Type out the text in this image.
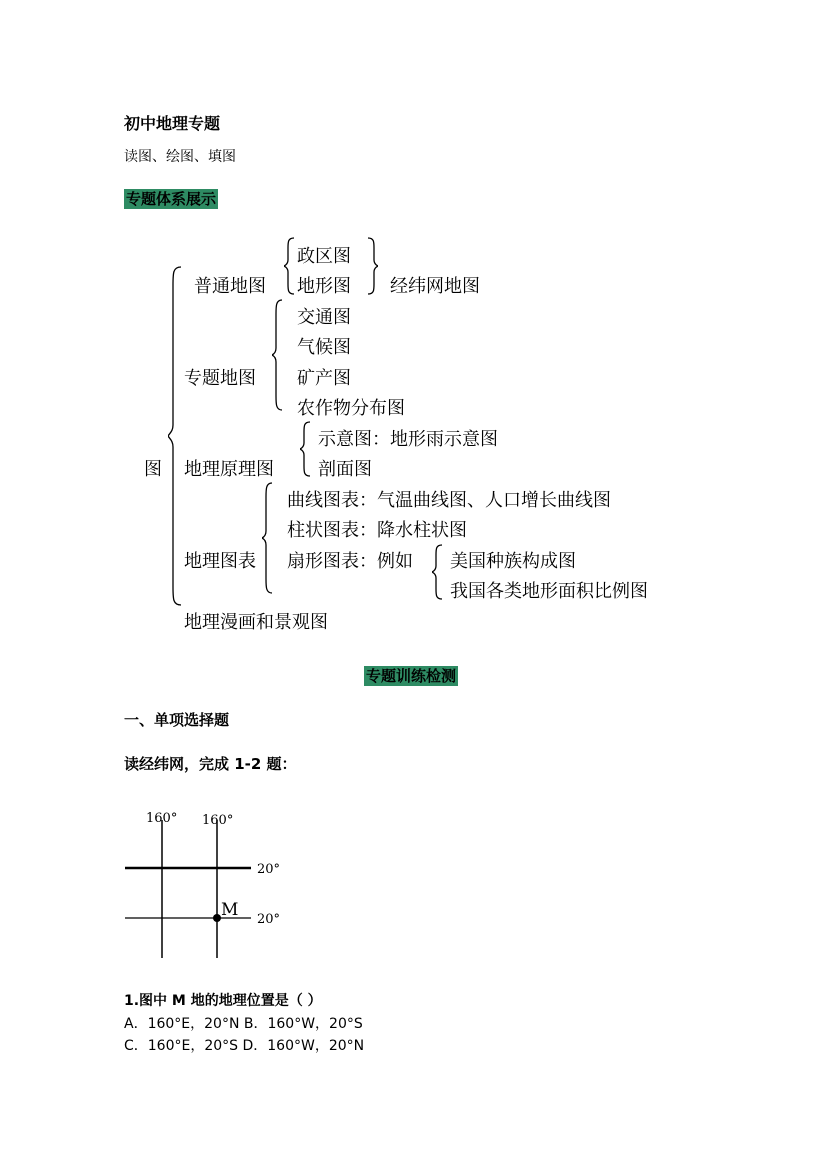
初中地理专题
读图、绘图、填图
专题体系展示
图
普通地图
政区图
地形图 经纬网地图
专题地图
交通图
气候图
矿产图
农作物分布图
地理原理图
示意图：地形雨示意图
剖面图
地理图表
曲线图表：气温曲线图、人口增长曲线图
柱状图表：降水柱状图
扇形图表：例如 美国种族构成图
我国各类地形面积比例图
地理漫画和景观图
专题训练检测
一、单项选择题
读经纬网，完成 1-2 题：
160° 160°
20°
20°
M
1.图中 M 地的地理位置是（ ）
A．160°E，20°N B．160°W，20°S
C．160°E，20°S D．160°W，20°N
